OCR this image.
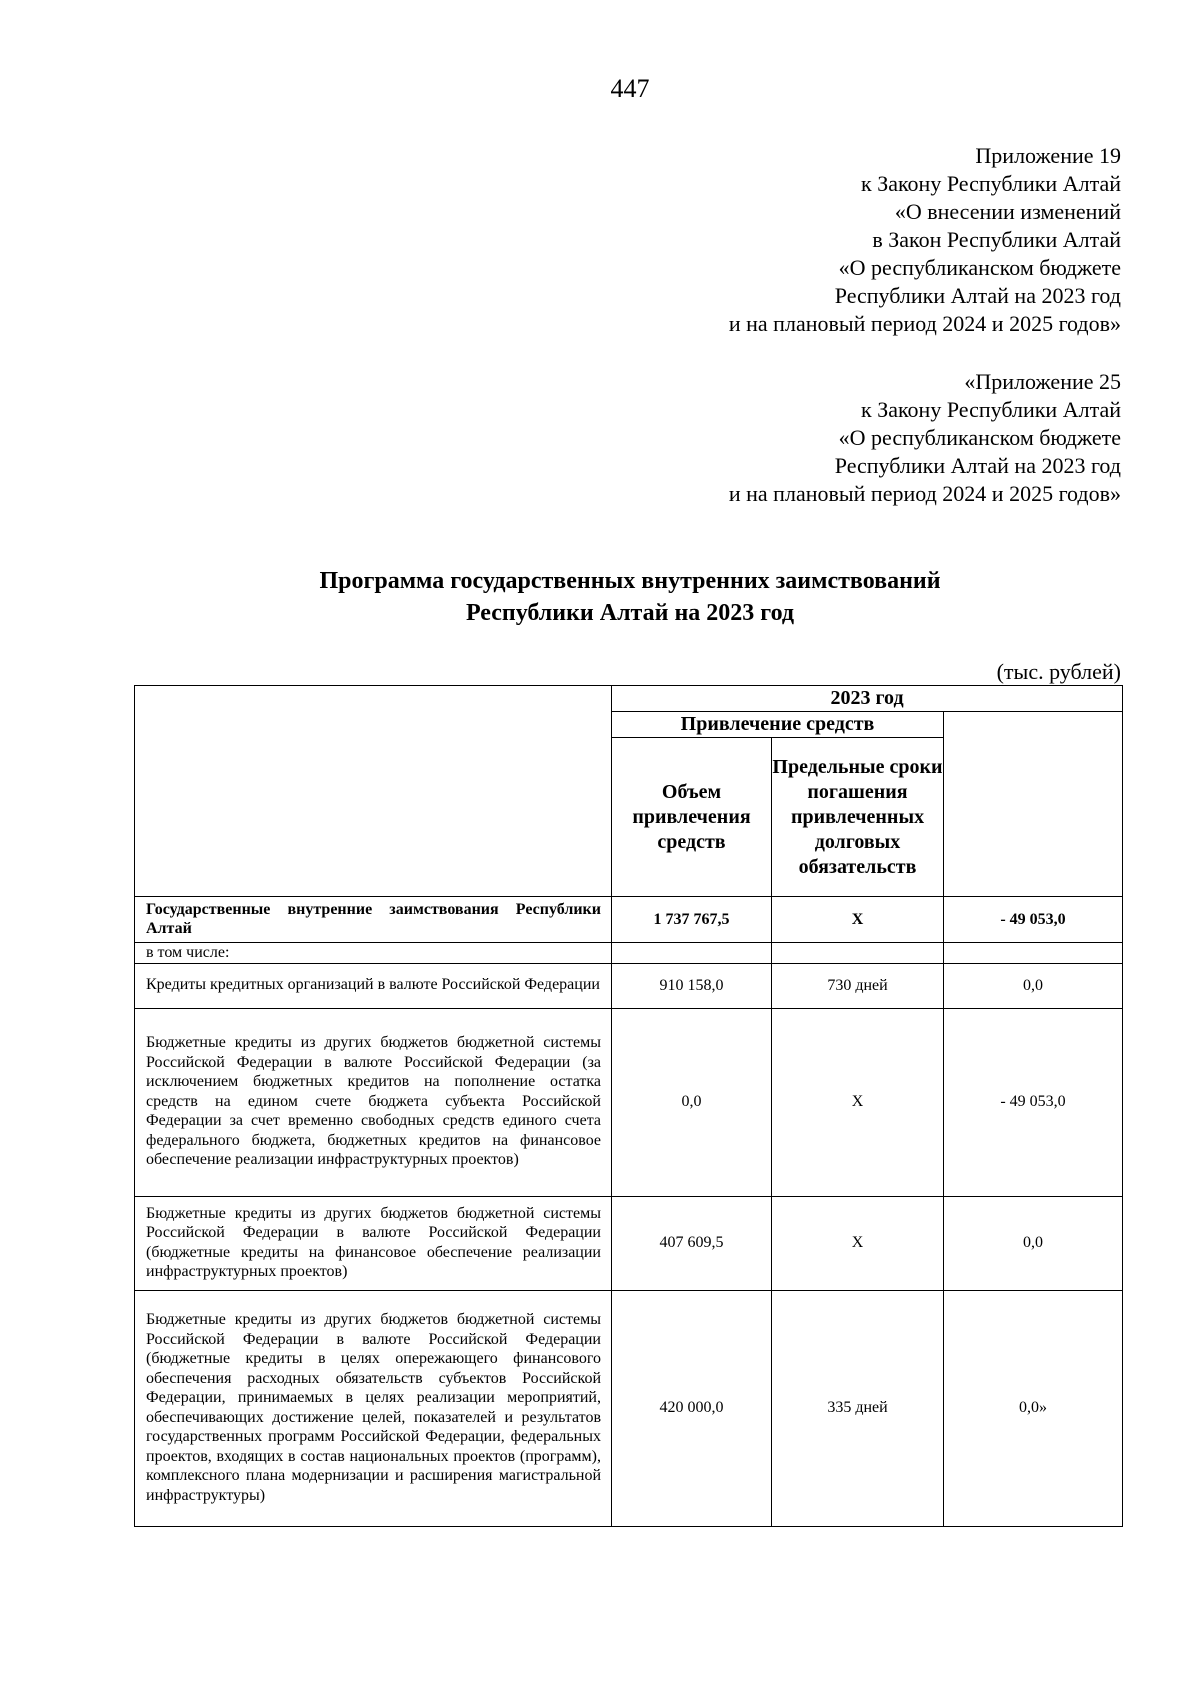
447
Приложение 19
к Закону Республики Алтай
«О внесении изменений
в Закон Республики Алтай
«О республиканском бюджете
Республики Алтай на 2023 год
и на плановый период 2024 и 2025 годов»
«Приложение 25
к Закону Республики Алтай
«О республиканском бюджете
Республики Алтай на 2023 год
и на плановый период 2024 и 2025 годов»
Программа государственных внутренних заимствований
Республики Алтай на 2023 год
(тыс. рублей)
	2023 год		
	Привлечение средств		
	Объем привлечения средств	Предельные сроки погашения привлеченных долговых обязательств	
Государственные внутренние заимствования Республики Алтай	1 737 767,5	Х	- 49 053,0
в том числе:			
Кредиты кредитных организаций в валюте Российской Федерации	910 158,0	730 дней	0,0
Бюджетные кредиты из других бюджетов бюджетной системы Российской Федерации в валюте Российской Федерации (за исключением бюджетных кредитов на пополнение остатка средств на едином счете бюджета субъекта Российской Федерации за счет временно свободных средств единого счета федерального бюджета, бюджетных кредитов на финансовое обеспечение реализации инфраструктурных проектов)	0,0	Х	- 49 053,0
Бюджетные кредиты из других бюджетов бюджетной системы Российской Федерации в валюте Российской Федерации (бюджетные кредиты на финансовое обеспечение реализации инфраструктурных проектов)	407 609,5	Х	0,0
Бюджетные кредиты из других бюджетов бюджетной системы Российской Федерации в валюте Российской Федерации (бюджетные кредиты в целях опережающего финансового обеспечения расходных обязательств субъектов Российской Федерации, принимаемых в целях реализации мероприятий, обеспечивающих достижение целей, показателей и результатов государственных программ Российской Федерации, федеральных проектов, входящих в состав национальных проектов (программ), комплексного плана модернизации и расширения магистральной инфраструктуры)	420 000,0	335 дней	0,0»
